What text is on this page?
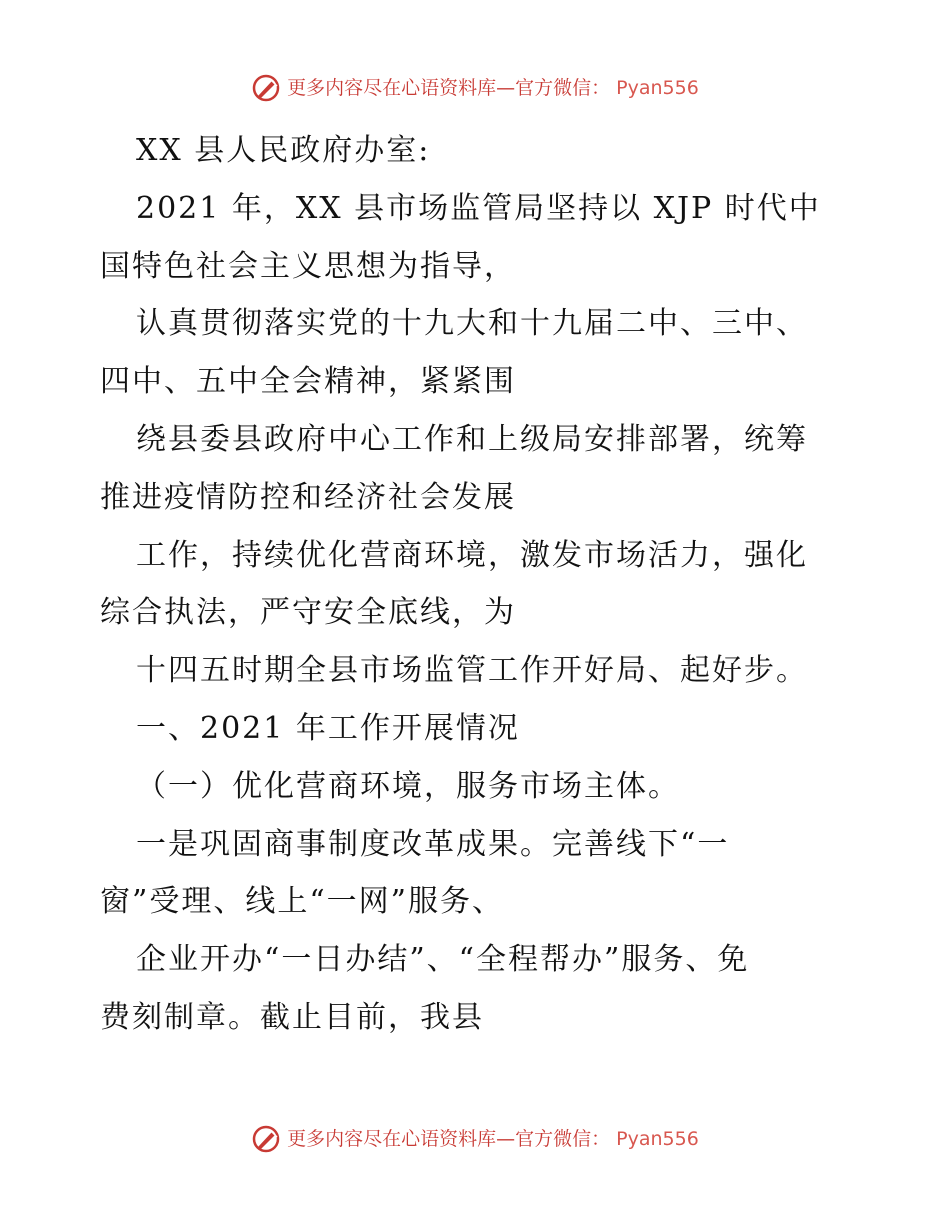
更多内容尽在心语资料库—官方微信： Pyan556
XX 县人民政府办室:
2021 年，XX 县市场监管局坚持以 XJP 时代中
国特色社会主义思想为指导，
认真贯彻落实党的十九大和十九届二中、三中、
四中、五中全会精神，紧紧围
绕县委县政府中心工作和上级局安排部署，统筹
推进疫情防控和经济社会发展
工作，持续优化营商环境，激发市场活力，强化
综合执法，严守安全底线，为
十四五时期全县市场监管工作开好局、起好步。
一、2021 年工作开展情况
（一）优化营商环境，服务市场主体。
一是巩固商事制度改革成果。完善线下“一
窗”受理、线上“一网”服务、
企业开办“一日办结”、“全程帮办”服务、免
费刻制章。截止目前，我县
更多内容尽在心语资料库—官方微信： Pyan556
